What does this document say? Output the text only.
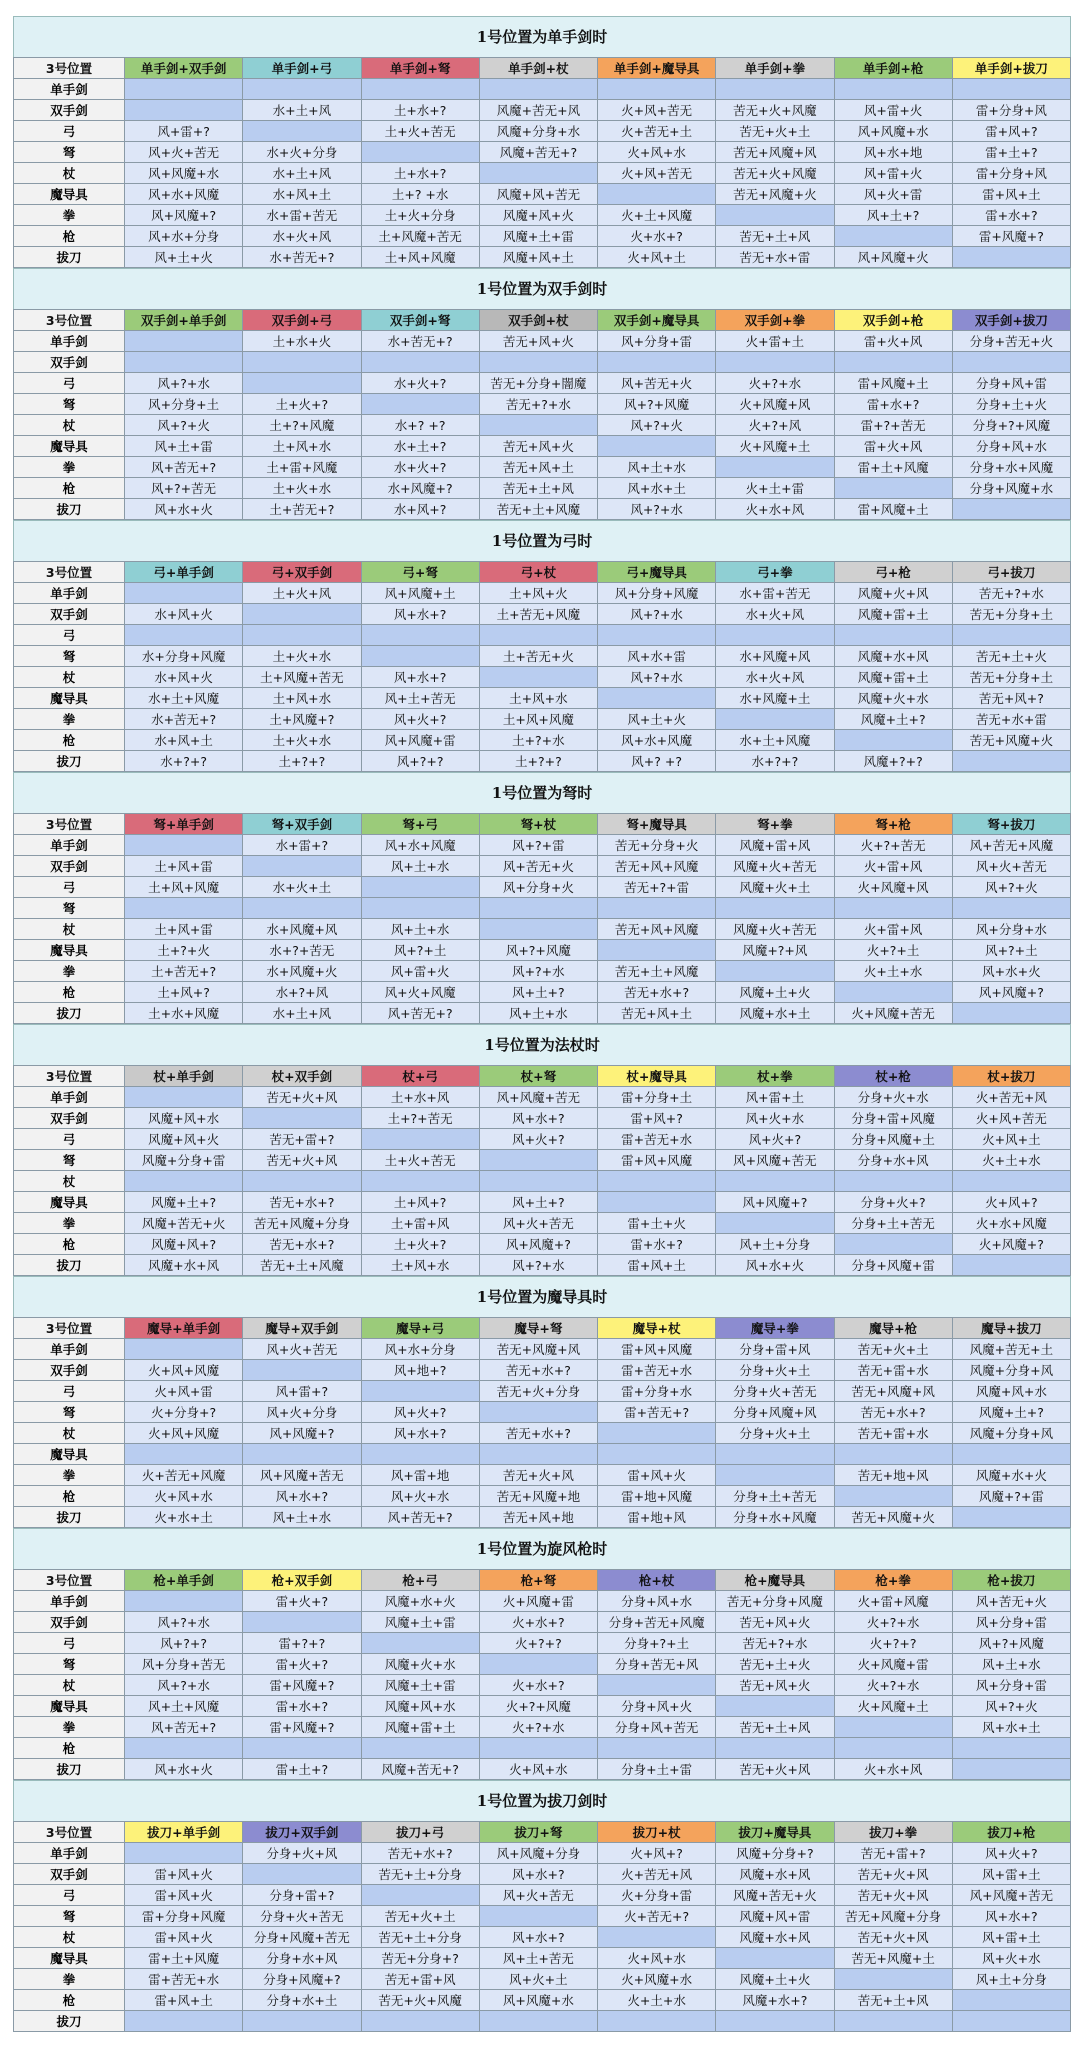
1号位置为单手剑时
3号位置	单手剑+双手剑	单手剑+弓	单手剑+弩	单手剑+杖	单手剑+魔导具	单手剑+拳	单手剑+枪	单手剑+拔刀
单手剑								
双手剑		水+土+风	土+水+?	风魔+苦无+风	火+风+苦无	苦无+火+风魔	风+雷+火	雷+分身+风
弓	风+雷+?		土+火+苦无	风魔+分身+水	火+苦无+土	苦无+火+土	风+风魔+水	雷+风+?
弩	风+火+苦无	水+火+分身		风魔+苦无+?	火+风+水	苦无+风魔+风	风+水+地	雷+土+?
杖	风+风魔+水	水+土+风	土+水+?		火+风+苦无	苦无+火+风魔	风+雷+火	雷+分身+风
魔导具	风+水+风魔	水+风+土	土+? +水	风魔+风+苦无		苦无+风魔+火	风+火+雷	雷+风+土
拳	风+风魔+?	水+雷+苦无	土+火+分身	风魔+风+火	火+土+风魔		风+土+?	雷+水+?
枪	风+水+分身	水+火+风	土+风魔+苦无	风魔+土+雷	火+水+?	苦无+土+风		雷+风魔+?
拔刀	风+土+火	水+苦无+?	土+风+风魔	风魔+风+土	火+风+土	苦无+水+雷	风+风魔+火	
1号位置为双手剑时
3号位置	双手剑+单手剑	双手剑+弓	双手剑+弩	双手剑+杖	双手剑+魔导具	双手剑+拳	双手剑+枪	双手剑+拔刀
单手剑		土+水+火	水+苦无+?	苦无+风+火	风+分身+雷	火+雷+土	雷+火+风	分身+苦无+火
双手剑								
弓	风+?+水		水+火+?	苦无+分身+闇魔	风+苦无+火	火+?+水	雷+风魔+土	分身+风+雷
弩	风+分身+土	土+火+?		苦无+?+水	风+?+风魔	火+风魔+风	雷+水+?	分身+土+火
杖	风+?+火	土+?+风魔	水+? +?		风+?+火	火+?+风	雷+?+苦无	分身+?+风魔
魔导具	风+土+雷	土+风+水	水+土+?	苦无+风+火		火+风魔+土	雷+火+风	分身+风+水
拳	风+苦无+?	土+雷+风魔	水+火+?	苦无+风+土	风+土+水		雷+土+风魔	分身+水+风魔
枪	风+?+苦无	土+火+水	水+风魔+?	苦无+土+风	风+水+土	火+土+雷		分身+风魔+水
拔刀	风+水+火	土+苦无+?	水+风+?	苦无+土+风魔	风+?+水	火+水+风	雷+风魔+土	
1号位置为弓时
3号位置	弓+单手剑	弓+双手剑	弓+弩	弓+杖	弓+魔导具	弓+拳	弓+枪	弓+拔刀
单手剑		土+火+风	风+风魔+土	土+风+火	风+分身+风魔	水+雷+苦无	风魔+火+风	苦无+?+水
双手剑	水+风+火		风+水+?	土+苦无+风魔	风+?+水	水+火+风	风魔+雷+土	苦无+分身+土
弓								
弩	水+分身+风魔	土+火+水		土+苦无+火	风+水+雷	水+风魔+风	风魔+水+风	苦无+土+火
杖	水+风+火	土+风魔+苦无	风+水+?		风+?+水	水+火+风	风魔+雷+土	苦无+分身+土
魔导具	水+土+风魔	土+风+水	风+土+苦无	土+风+水		水+风魔+土	风魔+火+水	苦无+风+?
拳	水+苦无+?	土+风魔+?	风+火+?	土+风+风魔	风+土+火		风魔+土+?	苦无+水+雷
枪	水+风+土	土+火+水	风+风魔+雷	土+?+水	风+水+风魔	水+土+风魔		苦无+风魔+火
拔刀	水+?+?	土+?+?	风+?+?	土+?+?	风+? +?	水+?+?	风魔+?+?	
1号位置为弩时
3号位置	弩+单手剑	弩+双手剑	弩+弓	弩+杖	弩+魔导具	弩+拳	弩+枪	弩+拔刀
单手剑		水+雷+?	风+水+风魔	风+?+雷	苦无+分身+火	风魔+雷+风	火+?+苦无	风+苦无+风魔
双手剑	土+风+雷		风+土+水	风+苦无+火	苦无+风+风魔	风魔+火+苦无	火+雷+风	风+火+苦无
弓	土+风+风魔	水+火+土		风+分身+火	苦无+?+雷	风魔+火+土	火+风魔+风	风+?+火
弩								
杖	土+风+雷	水+风魔+风	风+土+水		苦无+风+风魔	风魔+火+苦无	火+雷+风	风+分身+水
魔导具	土+?+火	水+?+苦无	风+?+土	风+?+风魔		风魔+?+风	火+?+土	风+?+土
拳	土+苦无+?	水+风魔+火	风+雷+火	风+?+水	苦无+土+风魔		火+土+水	风+水+火
枪	土+风+?	水+?+风	风+火+风魔	风+土+?	苦无+水+?	风魔+土+火		风+风魔+?
拔刀	土+水+风魔	水+土+风	风+苦无+?	风+土+水	苦无+风+土	风魔+水+土	火+风魔+苦无	
1号位置为法杖时
3号位置	杖+单手剑	杖+双手剑	杖+弓	杖+弩	杖+魔导具	杖+拳	杖+枪	杖+拔刀
单手剑		苦无+火+风	土+水+风	风+风魔+苦无	雷+分身+土	风+雷+土	分身+火+水	火+苦无+风
双手剑	风魔+风+水		土+?+苦无	风+水+?	雷+风+?	风+火+水	分身+雷+风魔	火+风+苦无
弓	风魔+风+火	苦无+雷+?		风+火+?	雷+苦无+水	风+火+?	分身+风魔+土	火+风+土
弩	风魔+分身+雷	苦无+火+风	土+火+苦无		雷+风+风魔	风+风魔+苦无	分身+水+风	火+土+水
杖								
魔导具	风魔+土+?	苦无+水+?	土+风+?	风+土+?		风+风魔+?	分身+火+?	火+风+?
拳	风魔+苦无+火	苦无+风魔+分身	土+雷+风	风+火+苦无	雷+土+火		分身+土+苦无	火+水+风魔
枪	风魔+风+?	苦无+水+?	土+火+?	风+风魔+?	雷+水+?	风+土+分身		火+风魔+?
拔刀	风魔+水+风	苦无+土+风魔	土+风+水	风+?+水	雷+风+土	风+水+火	分身+风魔+雷	
1号位置为魔导具时
3号位置	魔导+单手剑	魔导+双手剑	魔导+弓	魔导+弩	魔导+杖	魔导+拳	魔导+枪	魔导+拔刀
单手剑		风+火+苦无	风+水+分身	苦无+风魔+风	雷+风+风魔	分身+雷+风	苦无+火+土	风魔+苦无+土
双手剑	火+风+风魔		风+地+?	苦无+水+?	雷+苦无+水	分身+火+土	苦无+雷+水	风魔+分身+风
弓	火+风+雷	风+雷+?		苦无+火+分身	雷+分身+水	分身+火+苦无	苦无+风魔+风	风魔+风+水
弩	火+分身+?	风+火+分身	风+火+?		雷+苦无+?	分身+风魔+风	苦无+水+?	风魔+土+?
杖	火+风+风魔	风+风魔+?	风+水+?	苦无+水+?		分身+火+土	苦无+雷+水	风魔+分身+风
魔导具								
拳	火+苦无+风魔	风+风魔+苦无	风+雷+地	苦无+火+风	雷+风+火		苦无+地+风	风魔+水+火
枪	火+风+水	风+水+?	风+火+水	苦无+风魔+地	雷+地+风魔	分身+土+苦无		风魔+?+雷
拔刀	火+水+土	风+土+水	风+苦无+?	苦无+风+地	雷+地+风	分身+水+风魔	苦无+风魔+火	
1号位置为旋风枪时
3号位置	枪+单手剑	枪+双手剑	枪+弓	枪+弩	枪+杖	枪+魔导具	枪+拳	枪+拔刀
单手剑		雷+火+?	风魔+水+火	火+风魔+雷	分身+风+水	苦无+分身+风魔	火+雷+风魔	风+苦无+火
双手剑	风+?+水		风魔+土+雷	火+水+?	分身+苦无+风魔	苦无+风+火	火+?+水	风+分身+雷
弓	风+?+?	雷+?+?		火+?+?	分身+?+土	苦无+?+水	火+?+?	风+?+风魔
弩	风+分身+苦无	雷+火+?	风魔+火+水		分身+苦无+风	苦无+土+火	火+风魔+雷	风+土+水
杖	风+?+水	雷+风魔+?	风魔+土+雷	火+水+?		苦无+风+火	火+?+水	风+分身+雷
魔导具	风+土+风魔	雷+水+?	风魔+风+水	火+?+风魔	分身+风+火		火+风魔+土	风+?+火
拳	风+苦无+?	雷+风魔+?	风魔+雷+土	火+?+水	分身+风+苦无	苦无+土+风		风+水+土
枪								
拔刀	风+水+火	雷+土+?	风魔+苦无+?	火+风+水	分身+土+雷	苦无+火+风	火+水+风	
1号位置为拔刀剑时
3号位置	拔刀+单手剑	拔刀+双手剑	拔刀+弓	拔刀+弩	拔刀+杖	拔刀+魔导具	拔刀+拳	拔刀+枪
单手剑		分身+火+风	苦无+水+?	风+风魔+分身	火+风+?	风魔+分身+?	苦无+雷+?	风+火+?
双手剑	雷+风+火		苦无+土+分身	风+水+?	火+苦无+风	风魔+水+风	苦无+火+风	风+雷+土
弓	雷+风+火	分身+雷+?		风+火+苦无	火+分身+雷	风魔+苦无+火	苦无+火+风	风+风魔+苦无
弩	雷+分身+风魔	分身+火+苦无	苦无+火+土		火+苦无+?	风魔+风+雷	苦无+风魔+分身	风+水+?
杖	雷+风+火	分身+风魔+苦无	苦无+土+分身	风+水+?		风魔+水+风	苦无+火+风	风+雷+土
魔导具	雷+土+风魔	分身+水+风	苦无+分身+?	风+土+苦无	火+风+水		苦无+风魔+土	风+火+水
拳	雷+苦无+水	分身+风魔+?	苦无+雷+风	风+火+土	火+风魔+水	风魔+土+火		风+土+分身
枪	雷+风+土	分身+水+土	苦无+火+风魔	风+风魔+水	火+土+水	风魔+水+?	苦无+土+风	
拔刀								
